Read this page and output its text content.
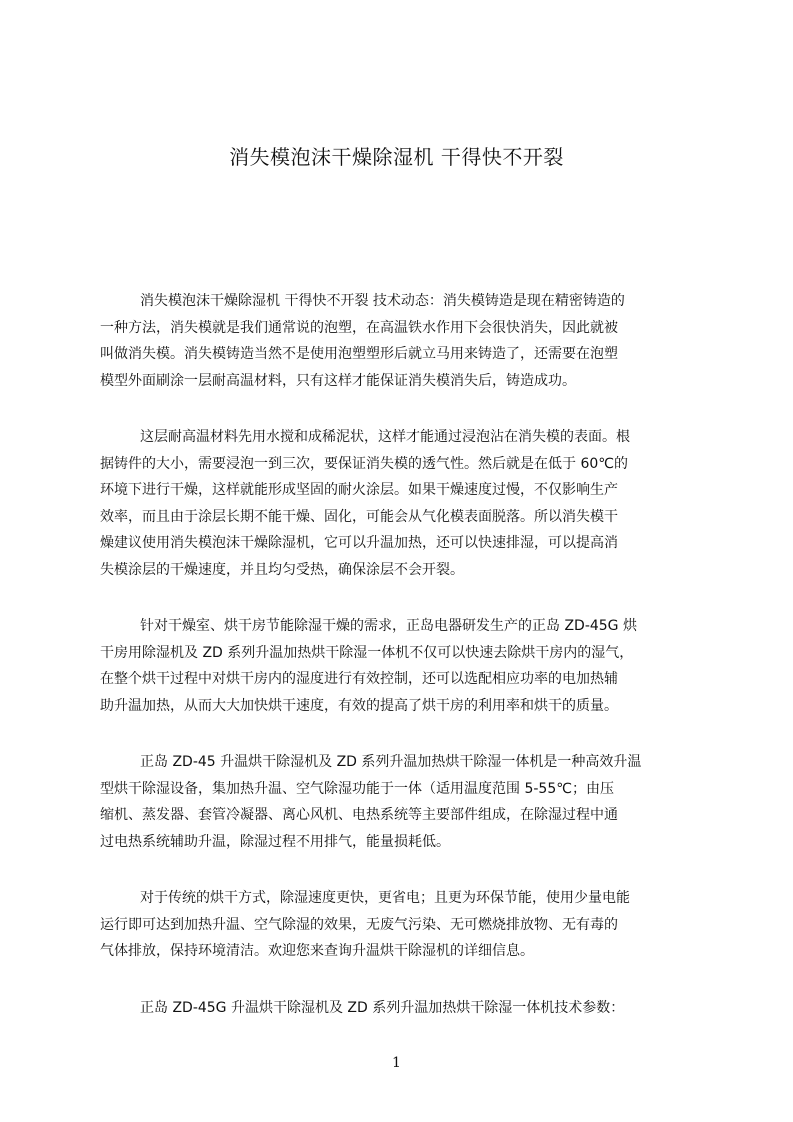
消失模泡沫干燥除湿机 干得快不开裂
消失模泡沫干燥除湿机 干得快不开裂 技术动态：消失模铸造是现在精密铸造的
一种方法，消失模就是我们通常说的泡塑，在高温铁水作用下会很快消失，因此就被
叫做消失模。消失模铸造当然不是使用泡塑塑形后就立马用来铸造了，还需要在泡塑
模型外面刷涂一层耐高温材料，只有这样才能保证消失模消失后，铸造成功。
这层耐高温材料先用水搅和成稀泥状，这样才能通过浸泡沾在消失模的表面。根
据铸件的大小，需要浸泡一到三次，要保证消失模的透气性。然后就是在低于 60℃的
环境下进行干燥，这样就能形成坚固的耐火涂层。如果干燥速度过慢，不仅影响生产
效率，而且由于涂层长期不能干燥、固化，可能会从气化模表面脱落。所以消失模干
燥建议使用消失模泡沫干燥除湿机，它可以升温加热，还可以快速排湿，可以提高消
失模涂层的干燥速度，并且均匀受热，确保涂层不会开裂。
针对干燥室、烘干房节能除湿干燥的需求，正岛电器研发生产的正岛 ZD-45G 烘
干房用除湿机及 ZD 系列升温加热烘干除湿一体机不仅可以快速去除烘干房内的湿气，
在整个烘干过程中对烘干房内的湿度进行有效控制，还可以选配相应功率的电加热辅
助升温加热，从而大大加快烘干速度，有效的提高了烘干房的利用率和烘干的质量。
正岛 ZD-45 升温烘干除湿机及 ZD 系列升温加热烘干除湿一体机是一种高效升温
型烘干除湿设备，集加热升温、空气除湿功能于一体（适用温度范围 5-55℃；由压
缩机、蒸发器、套管冷凝器、离心风机、电热系统等主要部件组成，在除湿过程中通
过电热系统辅助升温，除湿过程不用排气，能量损耗低。
对于传统的烘干方式，除湿速度更快，更省电；且更为环保节能，使用少量电能
运行即可达到加热升温、空气除湿的效果，无废气污染、无可燃烧排放物、无有毒的
气体排放，保持环境清洁。欢迎您来查询升温烘干除湿机的详细信息。
正岛 ZD-45G 升温烘干除湿机及 ZD 系列升温加热烘干除湿一体机技术参数：
1
